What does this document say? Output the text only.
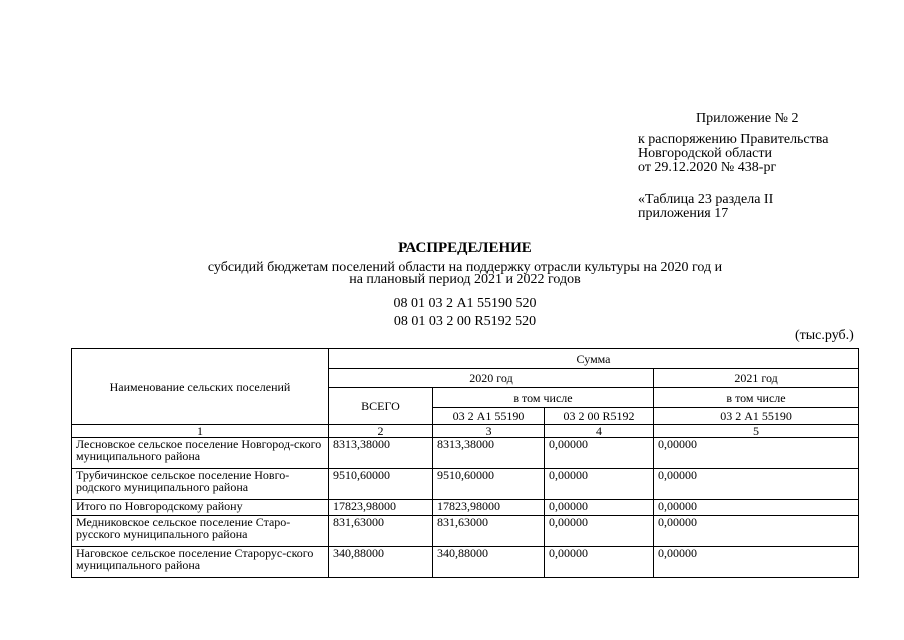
Приложение № 2
к распоряжению Правительства
Новгородской области
от 29.12.2020 № 438-рг
«Таблица 23 раздела II
приложения 17
РАСПРЕДЕЛЕНИЕ
субсидий бюджетам поселений области на поддержку отрасли культуры на 2020 год и
на плановый период 2021 и 2022 годов
08 01 03 2 А1 55190 520
08 01 03 2 00 R5192 520
(тыс.руб.)
Наименование сельских поселений	Сумма			
	2020 год			2021 год
	ВСЕГО	в том числе		в том числе
		03 2 А1 55190	03 2 00 R5192	03 2 А1 55190
1	2	3	4	5
Лесновское сельское поселение Новгород-ского муниципального района	8313,38000	8313,38000	0,00000	0,00000
Трубичинское сельское поселение Новго-родского муниципального района	9510,60000	9510,60000	0,00000	0,00000
Итого по Новгородскому району	17823,98000	17823,98000	0,00000	0,00000
Медниковское сельское поселение Старо-русского муниципального района	831,63000	831,63000	0,00000	0,00000
Наговское сельское поселение Старорус-ского муниципального района	340,88000	340,88000	0,00000	0,00000
